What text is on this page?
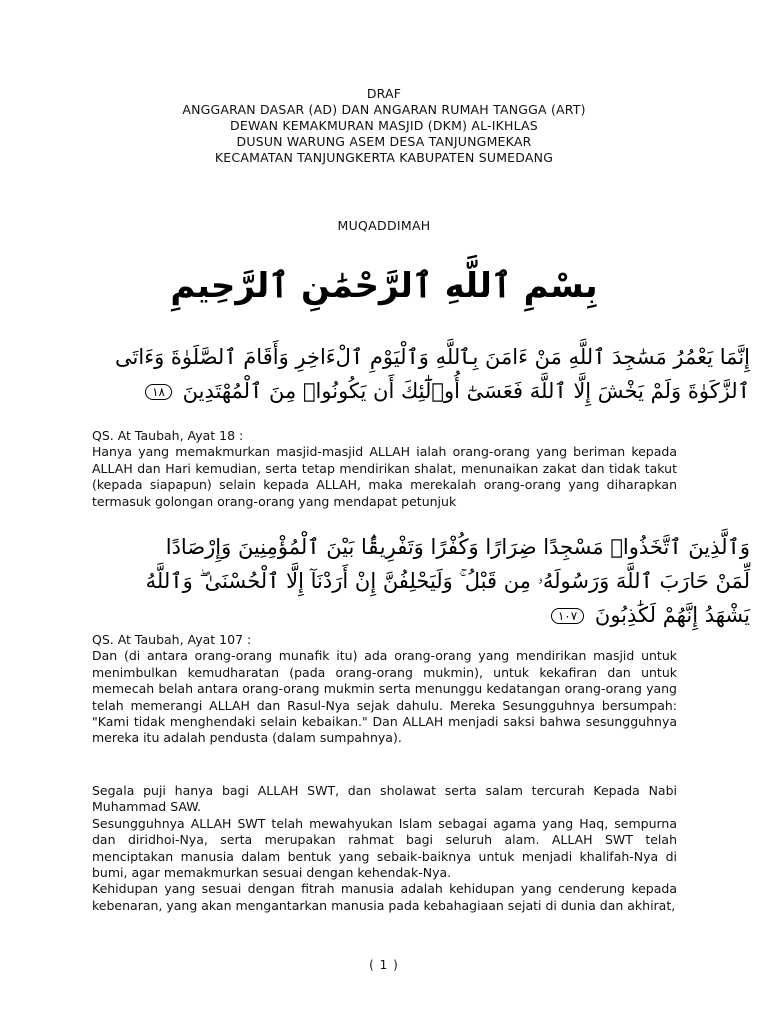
DRAF
ANGGARAN DASAR (AD) DAN ANGARAN RUMAH TANGGA (ART)
DEWAN KEMAKMURAN MASJID (DKM) AL-IKHLAS
DUSUN WARUNG ASEM DESA TANJUNGMEKAR
KECAMATAN TANJUNGKERTA KABUPATEN SUMEDANG
MUQADDIMAH
بِسْمِ ٱللَّهِ ٱلرَّحْمَٰنِ ٱلرَّحِيمِ
إِنَّمَا يَعْمُرُ مَسَٰجِدَ ٱللَّهِ مَنْ ءَامَنَ بِٱللَّهِ وَٱلْيَوْمِ ٱلْءَاخِرِ وَأَقَامَ ٱلصَّلَوٰةَ وَءَاتَى
ٱلزَّكَوٰةَ وَلَمْ يَخْشَ إِلَّا ٱللَّهَ فَعَسَىٰٓ أُو۟لَٰٓئِكَ أَن يَكُونُوا۟ مِنَ ٱلْمُهْتَدِينَ ١٨

QS. At Taubah, Ayat 18 :

Hanya yang memakmurkan masjid-masjid ALLAH ialah orang-orang yang beriman kepada ALLAH dan Hari kemudian, serta tetap mendirikan shalat, menunaikan zakat dan tidak takut (kepada siapapun) selain kepada ALLAH, maka merekalah orang-orang yang diharapkan termasuk golongan orang-orang yang mendapat petunjuk

وَٱلَّذِينَ ٱتَّخَذُوا۟ مَسْجِدًا ضِرَارًا وَكُفْرًا وَتَفْرِيقًۢا بَيْنَ ٱلْمُؤْمِنِينَ وَإِرْصَادًا
لِّمَنْ حَارَبَ ٱللَّهَ وَرَسُولَهُۥ مِن قَبْلُ ۚ وَلَيَحْلِفُنَّ إِنْ أَرَدْنَآ إِلَّا ٱلْحُسْنَىٰ ۖ وَٱللَّهُ
يَشْهَدُ إِنَّهُمْ لَكَٰذِبُونَ ١٠٧

QS. At Taubah, Ayat 107 :

Dan (di antara orang-orang munafik itu) ada orang-orang yang mendirikan masjid untuk menimbulkan kemudharatan (pada orang-orang mukmin), untuk kekafiran dan untuk memecah belah antara orang-orang mukmin serta menunggu kedatangan orang-orang yang telah memerangi ALLAH dan Rasul-Nya sejak dahulu. Mereka Sesungguhnya bersumpah: "Kami tidak menghendaki selain kebaikan." Dan ALLAH menjadi saksi bahwa sesungguhnya mereka itu adalah pendusta (dalam sumpahnya).

Segala puji hanya bagi ALLAH SWT, dan sholawat serta salam tercurah Kepada Nabi Muhammad SAW.

Sesungguhnya ALLAH SWT telah mewahyukan Islam sebagai agama yang Haq, sempurna dan diridhoi-Nya, serta merupakan rahmat bagi seluruh alam. ALLAH SWT telah menciptakan manusia dalam bentuk yang sebaik-baiknya untuk menjadi khalifah-Nya di bumi, agar memakmurkan sesuai dengan kehendak-Nya.

Kehidupan yang sesuai dengan fitrah manusia adalah kehidupan yang cenderung kepada kebenaran, yang akan mengantarkan manusia pada kebahagiaan sejati di dunia dan akhirat,

( 1 )
